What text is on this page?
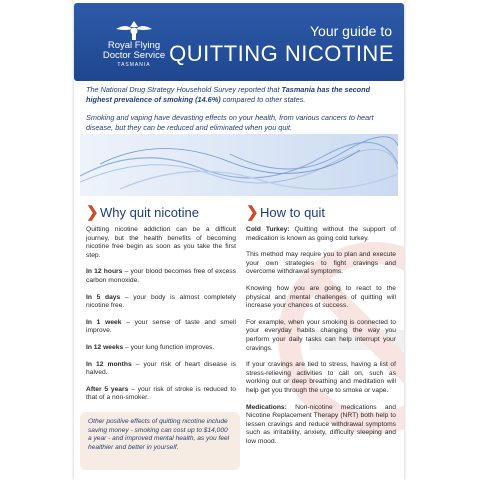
Royal Flying
Doctor Service
TASMANIA
Your guide to
QUITTING NICOTINE

The National Drug Strategy Household Survey reported that Tasmania has the second highest prevalence of smoking (14.6%) compared to other states.

Smoking and vaping have devasting effects on your health, from various cancers to heart disease, but they can be reduced and eliminated when you quit.

❯Why quit nicotine	❯How to quit

Quitting nicotine addiction can be a difficult journey, but the health benefits of becoming nicotine free begin as soon as you take the first step.

In 12 hours – your blood becomes free of excess carbon monoxide.

In 5 days – your body is almost completely nicotine free.

In 1 week – your sense of taste and smell improve.

In 12 weeks – your lung function improves.

In 12 months – your risk of heart disease is halved.

After 5 years – your risk of stroke is reduced to that of a non-smoker.

Other positive effects of quitting nicotine include saving money - smoking can cost up to $14,000 a year - and improved mental health, as you feel healthier and better in yourself.

Cold Turkey: Quitting without the support of medication is known as going cold turkey.

This method may require you to plan and execute your own strategies to fight cravings and overcome withdrawal symptoms.

Knowing how you are going to react to the physical and mental challenges of quitting will increase your chances of success.

For example, when your smoking is connected to your everyday habits changing the way you perform your daily tasks can help interrupt your cravings.

If your cravings are tied to stress, having a list of stress-relieving activities to call on, such as working out or deep breathing and meditation will help get you through the urge to smoke or vape.

Medications: Non-nicotine medications and Nicotine Replacement Therapy (NRT) both help to lessen cravings and reduce withdrawal symptoms such as irritability, anxiety, difficulty sleeping and low mood.
